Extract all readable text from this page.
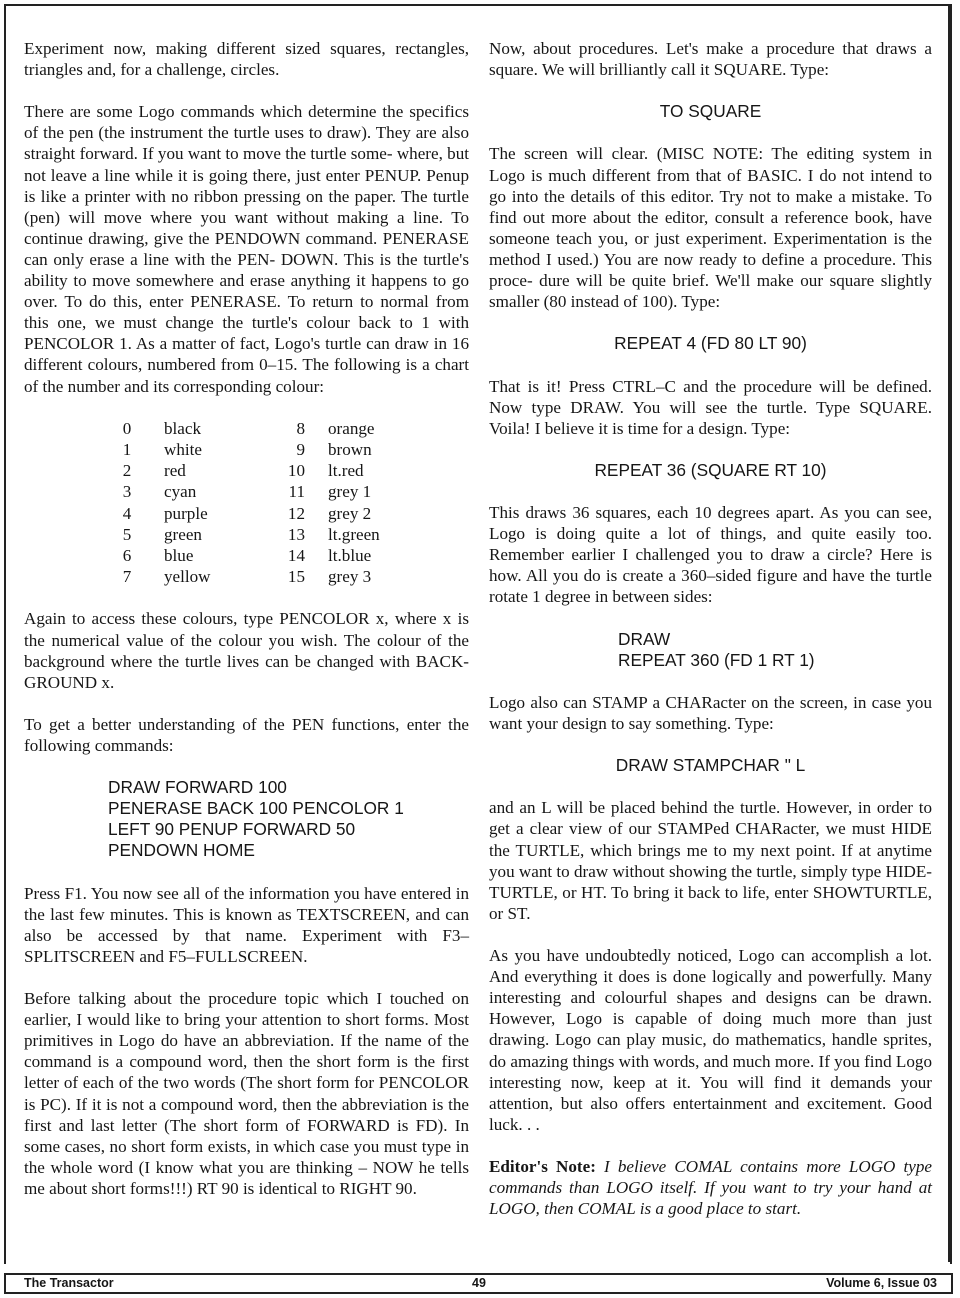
Experiment now, making different sized squares, rectangles, triangles and, for a challenge, circles.

There are some Logo commands which determine the specifics of the pen (the instrument the turtle uses to draw). They are also straight forward. If you want to move the turtle some- where, but not leave a line while it is going there, just enter PENUP. Penup is like a printer with no ribbon pressing on the paper. The turtle (pen) will move where you want without making a line. To continue drawing, give the PENDOWN command. PENERASE can only erase a line with the PEN- DOWN. This is the turtle's ability to move somewhere and erase anything it happens to go over. To do this, enter PENERASE. To return to normal from this one, we must change the turtle's colour back to 1 with PENCOLOR 1. As a matter of fact, Logo's turtle can draw in 16 different colours, numbered from 0–15. The following is a chart of the number and its corresponding colour:

0	black	8	orange
1	white	9	brown
2	red	10	lt.red
3	cyan	11	grey 1
4	purple	12	grey 2
5	green	13	lt.green
6	blue	14	lt.blue
7	yellow	15	grey 3

Again to access these colours, type PENCOLOR x, where x is the numerical value of the colour you wish. The colour of the background where the turtle lives can be changed with BACK- GROUND x.

To get a better understanding of the PEN functions, enter the following commands:

DRAW FORWARD 100
PENERASE BACK 100 PENCOLOR 1
LEFT 90 PENUP FORWARD 50
PENDOWN HOME

Press F1. You now see all of the information you have entered in the last few minutes. This is known as TEXTSCREEN, and can also be accessed by that name. Experiment with F3– SPLITSCREEN and F5–FULLSCREEN.

Before talking about the procedure topic which I touched on earlier, I would like to bring your attention to short forms. Most primitives in Logo do have an abbreviation. If the name of the command is a compound word, then the short form is the first letter of each of the two words (The short form for PENCOLOR is PC). If it is not a compound word, then the abbreviation is the first and last letter (The short form of FORWARD is FD). In some cases, no short form exists, in which case you must type in the whole word (I know what you are thinking – NOW he tells me about short forms!!!) RT 90 is identical to RIGHT 90.

Now, about procedures. Let's make a procedure that draws a square. We will brilliantly call it SQUARE. Type:

TO SQUARE

The screen will clear. (MISC NOTE: The editing system in Logo is much different from that of BASIC. I do not intend to go into the details of this editor. Try not to make a mistake. To find out more about the editor, consult a reference book, have someone teach you, or just experiment. Experimentation is the method I used.) You are now ready to define a procedure. This proce- dure will be quite brief. We'll make our square slightly smaller (80 instead of 100). Type:

REPEAT 4 (FD 80 LT 90)

That is it! Press CTRL–C and the procedure will be defined. Now type DRAW. You will see the turtle. Type SQUARE. Voila! I believe it is time for a design. Type:

REPEAT 36 (SQUARE RT 10)

This draws 36 squares, each 10 degrees apart. As you can see, Logo is doing quite a lot of things, and quite easily too. Remember earlier I challenged you to draw a circle? Here is how. All you do is create a 360–sided figure and have the turtle rotate 1 degree in between sides:

DRAW
REPEAT 360 (FD 1 RT 1)

Logo also can STAMP a CHARacter on the screen, in case you want your design to say something. Type:

DRAW STAMPCHAR " L

and an L will be placed behind the turtle. However, in order to get a clear view of our STAMPed CHARacter, we must HIDE the TURTLE, which brings me to my next point. If at anytime you want to draw without showing the turtle, simply type HIDE- TURTLE, or HT. To bring it back to life, enter SHOWTURTLE, or ST.

As you have undoubtedly noticed, Logo can accomplish a lot. And everything it does is done logically and powerfully. Many interesting and colourful shapes and designs can be drawn. However, Logo is capable of doing much more than just drawing. Logo can play music, do mathematics, handle sprites, do amazing things with words, and much more. If you find Logo interesting now, keep at it. You will find it demands your attention, but also offers entertainment and excitement. Good luck. . .

Editor's Note: I believe COMAL contains more LOGO type commands than LOGO itself. If you want to try your hand at LOGO, then COMAL is a good place to start.

The Transactor	49	Volume 6, Issue 03
